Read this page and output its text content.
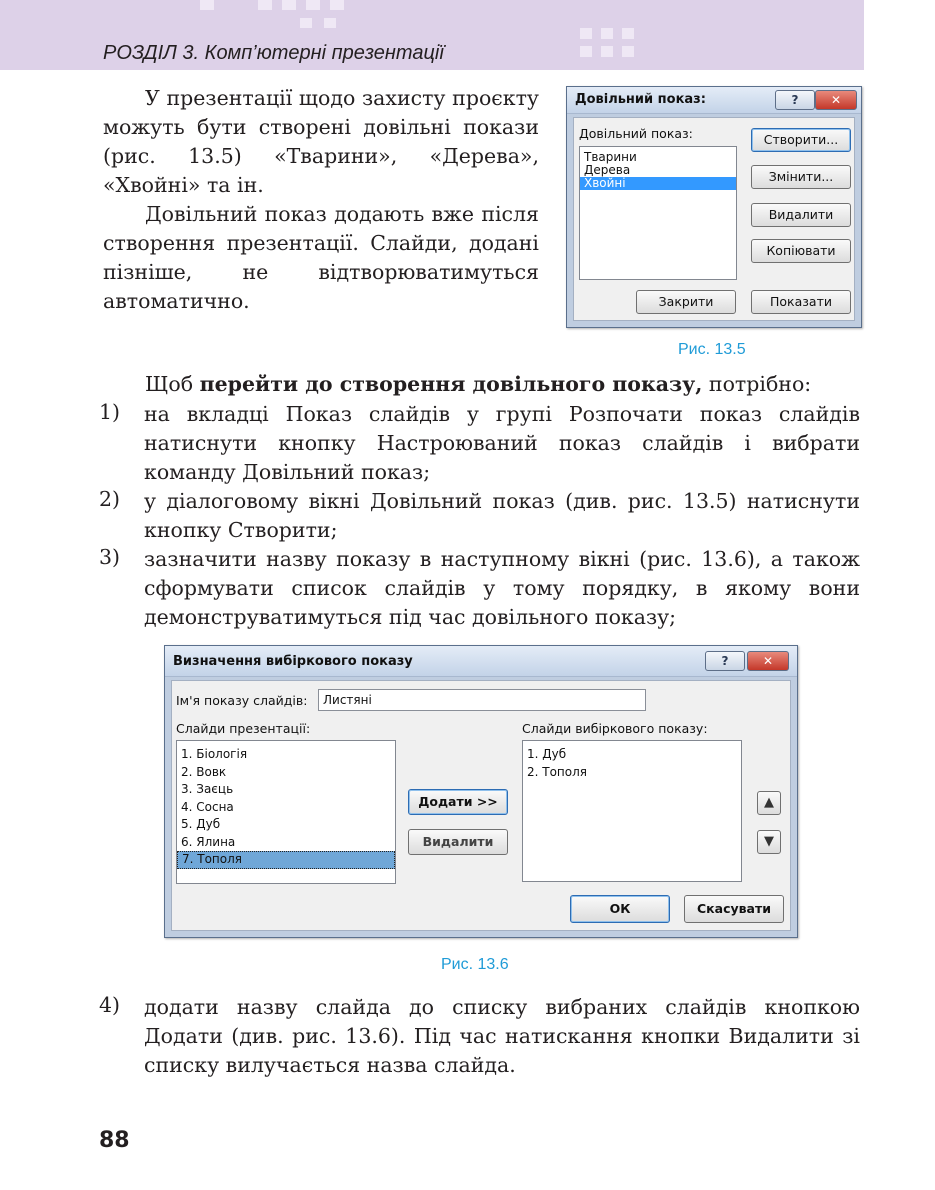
РОЗДІЛ 3. Комп’ютерні презентації

У презентації щодо захисту проєкту можуть бути створені довільні покази (рис. 13.5) «Тварини», «Дерева», «Хвойні» та ін.

Довільний показ додають вже після створення презентації. Слайди, додані пізніше, не відтворюватимуться автоматично.

Довільний показ:	?	✕
Довільний показ:
Тварини
Дерева
Хвойні
Створити...
Змінити...
Видалити
Копіювати
Закрити	Показати
Рис. 13.5

Щоб перейти до створення довільного показу, потрібно:

1) на вкладці Показ слайдів у групі Розпочати показ слайдів натиснути кнопку Настроюваний показ слайдів і вибрати команду Довільний показ;

2) у діалоговому вікні Довільний показ (див. рис. 13.5) натиснути кнопку Створити;

3) зазначити назву показу в наступному вікні (рис. 13.6), а також сформувати список слайдів у тому порядку, в якому вони демонструватимуться під час довільного показу;

Визначення вибіркового показу	?	✕
Ім'я показу слайдів:	Листяні
Слайди презентації:
1. Біологія
2. Вовк
3. Заєць
4. Сосна
5. Дуб
6. Ялина
7. Тополя
Додати >>
Видалити
Слайди вибіркового показу:
1. Дуб
2. Тополя
▲
▼
ОК	Скасувати
Рис. 13.6
4) додати назву слайда до списку вибраних слайдів кнопкою Додати (див. рис. 13.6). Під час натискання кнопки Видалити зі списку вилучається назва слайда.

88
